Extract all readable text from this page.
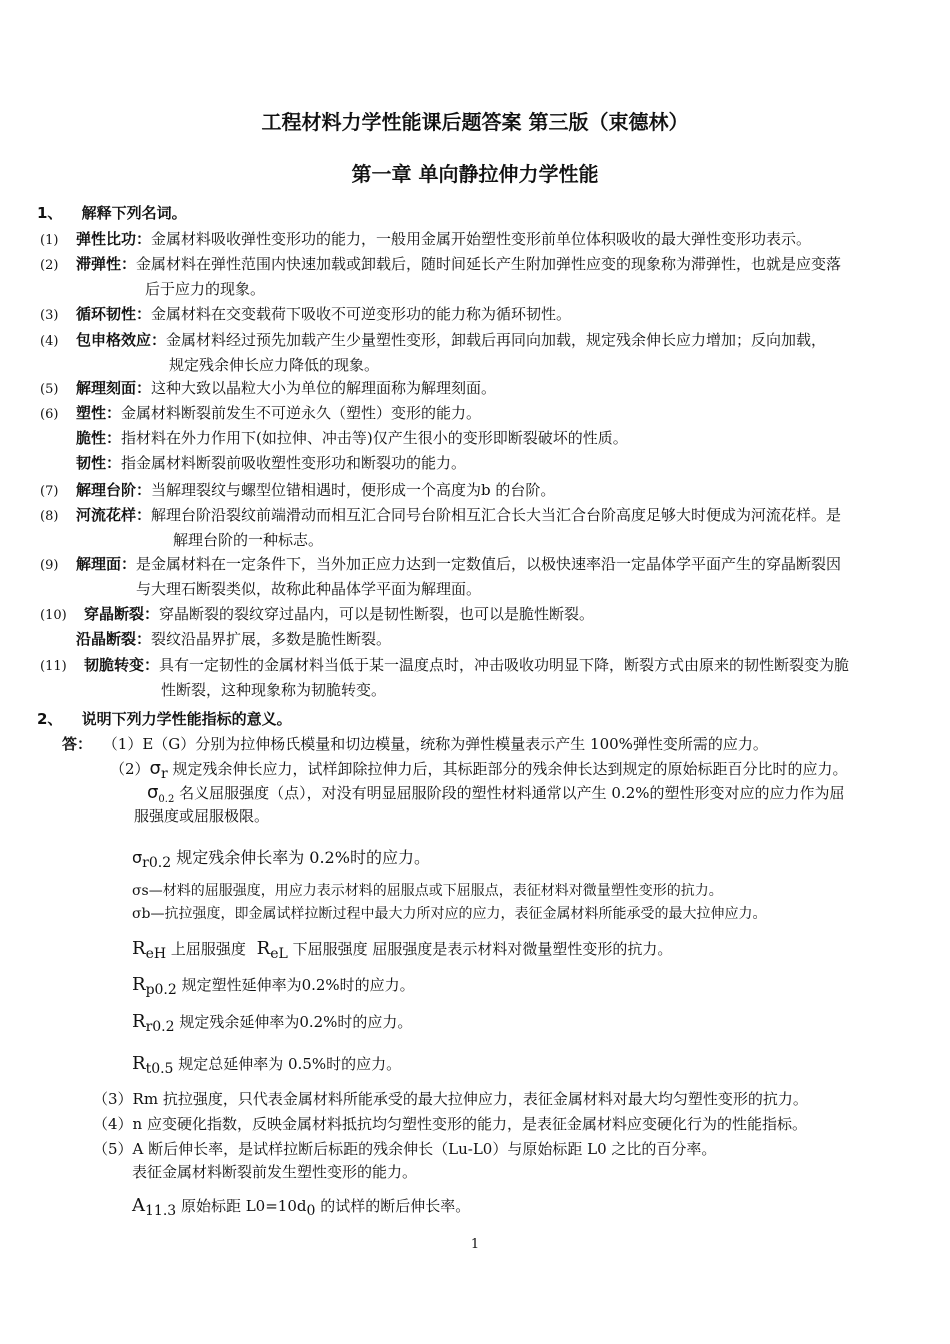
工程材料力学性能课后题答案 第三版（束德林）
第一章 单向静拉伸力学性能
1、 解释下列名词。
(1) 弹性比功：金属材料吸收弹性变形功的能力，一般用金属开始塑性变形前单位体积吸收的最大弹性变形功表示。
(2) 滞弹性：金属材料在弹性范围内快速加载或卸载后，随时间延长产生附加弹性应变的现象称为滞弹性，也就是应变落
后于应力的现象。
(3) 循环韧性：金属材料在交变载荷下吸收不可逆变形功的能力称为循环韧性。
(4) 包申格效应：金属材料经过预先加载产生少量塑性变形，卸载后再同向加载，规定残余伸长应力增加；反向加载，
规定残余伸长应力降低的现象。
(5) 解理刻面：这种大致以晶粒大小为单位的解理面称为解理刻面。
(6) 塑性：金属材料断裂前发生不可逆永久（塑性）变形的能力。
脆性：指材料在外力作用下(如拉伸、冲击等)仅产生很小的变形即断裂破坏的性质。
韧性：指金属材料断裂前吸收塑性变形功和断裂功的能力。
(7) 解理台阶：当解理裂纹与螺型位错相遇时，便形成一个高度为b 的台阶。
(8) 河流花样：解理台阶沿裂纹前端滑动而相互汇合同号台阶相互汇合长大当汇合台阶高度足够大时便成为河流花样。是
解理台阶的一种标志。
(9) 解理面：是金属材料在一定条件下，当外加正应力达到一定数值后，以极快速率沿一定晶体学平面产生的穿晶断裂因
与大理石断裂类似，故称此种晶体学平面为解理面。
(10) 穿晶断裂：穿晶断裂的裂纹穿过晶内，可以是韧性断裂，也可以是脆性断裂。
沿晶断裂：裂纹沿晶界扩展，多数是脆性断裂。
(11) 韧脆转变：具有一定韧性的金属材料当低于某一温度点时，冲击吸收功明显下降，断裂方式由原来的韧性断裂变为脆
性断裂，这种现象称为韧脆转变。
2、 说明下列力学性能指标的意义。
答： （1）E（G）分别为拉伸杨氏模量和切边模量，统称为弹性模量表示产生 100%弹性变所需的应力。
$(2)\sigma_r$ 规定残余伸长应力，试样卸除拉伸力后，其标距部分的残余伸长达到规定的原始标距百分比时的应力。
$\sigma_{0.2}$ 名义屈服强度（点），对没有明显屈服阶段的塑性材料通常以产生 0.2%的塑性形变对应的应力作为屈
服强度或屈服极限。
$\sigma_{r0.2}$ 规定残余伸长率为 0.2%时的应力。
σs—材料的屈服强度，用应力表示材料的屈服点或下屈服点，表征材料对微量塑性变形的抗力。
σb—抗拉强度，即金属试样拉断过程中最大力所对应的应力，表征金属材料所能承受的最大拉伸应力。
$R_{eH}$ 上屈服强度 $R_{eL}$ 下屈服强度 屈服强度是表示材料对微量塑性变形的抗力。
$R_{p0.2}$ 规定塑性延伸率为0.2%时的应力。
$R_{r0.2}$ 规定残余延伸率为0.2%时的应力。
$R_{t0.5}$ 规定总延伸率为 0.5%时的应力。
（3）Rm 抗拉强度，只代表金属材料所能承受的最大拉伸应力，表征金属材料对最大均匀塑性变形的抗力。
（4）n 应变硬化指数，反映金属材料抵抗均匀塑性变形的能力，是表征金属材料应变硬化行为的性能指标。
（5）A 断后伸长率，是试样拉断后标距的残余伸长（Lu-L0）与原始标距 L0 之比的百分率。
表征金属材料断裂前发生塑性变形的能力。
$A_{11.3}$ 原始标距 $L0=10d_0$ 的试样的断后伸长率。
1
